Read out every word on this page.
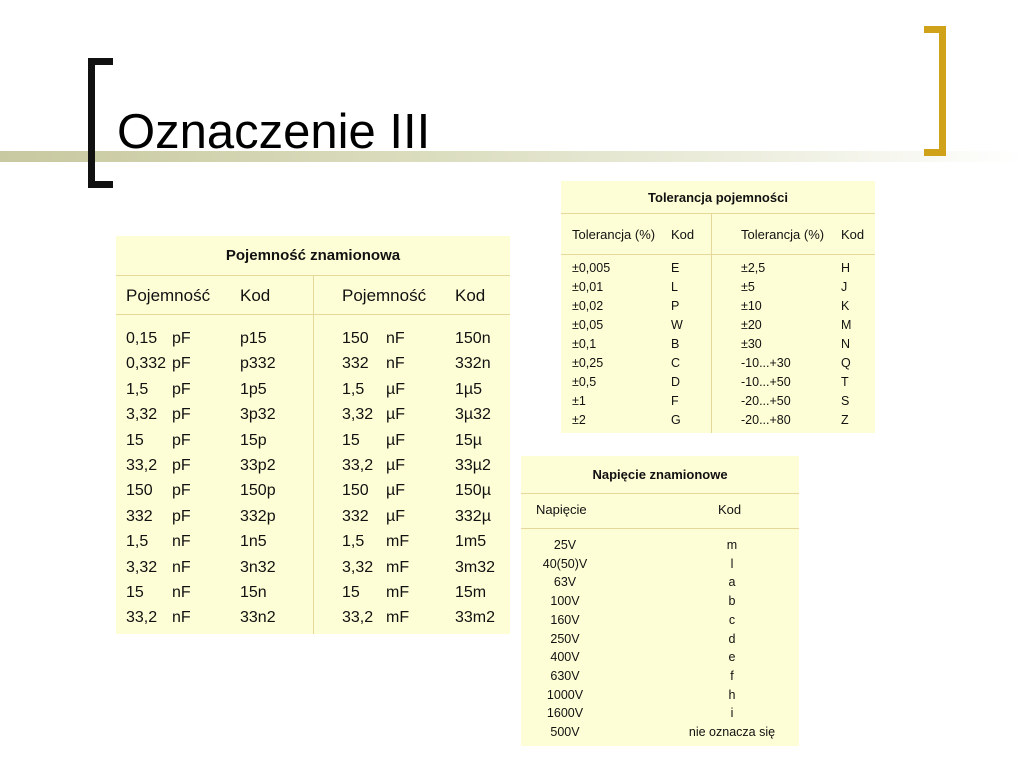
Oznaczenie III
Pojemność znamionowa
Pojemność Kod	Pojemność Kod
0,15 pF	p15	150 nF	150n
0,332 pF	p332	332 nF	332n
1,5 pF	1p5	1,5 µF	1µ5
3,32 pF	3p32	3,32 µF	3µ32
15 pF	15p	15 µF	15µ
33,2 pF	33p2	33,2 µF	33µ2
150 pF	150p	150 µF	150µ
332 pF	332p	332 µF	332µ
1,5 nF	1n5	1,5 mF	1m5
3,32 nF	3n32	3,32 mF	3m32
15 nF	15n	15 mF	15m
33,2 nF	33n2	33,2 mF	33m2
Tolerancja pojemności
Tolerancja (%) Kod	Tolerancja (%) Kod
±0,005	E	±2,5	H
±0,01	L	±5	J
±0,02	P	±10	K
±0,05	W	±20	M
±0,1	B	±30	N
±0,25	C	-10...+30	Q
±0,5	D	-10...+50	T
±1	F	-20...+50	S
±2	G	-20...+80	Z
Napięcie znamionowe
Napięcie	Kod
25V	m
40(50)V	l
63V	a
100V	b
160V	c
250V	d
400V	e
630V	f
1000V	h
1600V	i
500V	nie oznacza się
